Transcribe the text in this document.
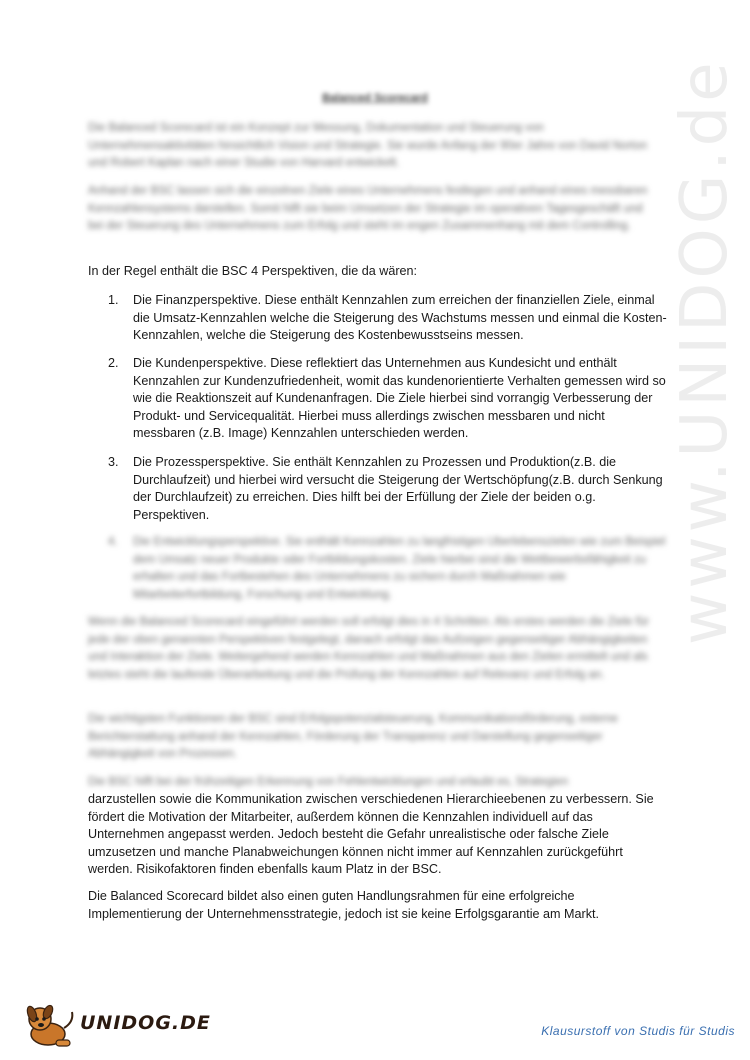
www.UNIDOG.de
Balanced Scorecard

Die Balanced Scorecard ist ein Konzept zur Messung, Dokumentation und Steuerung von Unternehmensaktivitäten hinsichtlich Vision und Strategie. Sie wurde Anfang der 90er Jahre von David Norton und Robert Kaplan nach einer Studie von Harvard entwickelt.

Anhand der BSC lassen sich die einzelnen Ziele eines Unternehmens festlegen und anhand eines messbaren Kennzahlensystems darstellen. Somit hilft sie beim Umsetzen der Strategie im operativen Tagesgeschäft und bei der Steuerung des Unternehmens zum Erfolg und steht im engen Zusammenhang mit dem Controlling.

In der Regel enthält die BSC 4 Perspektiven, die da wären:

1.	Die Finanzperspektive. Diese enthält Kennzahlen zum erreichen der finanziellen Ziele, einmal die Umsatz-Kennzahlen welche die Steigerung des Wachstums messen und einmal die Kosten-Kennzahlen, welche die Steigerung des Kostenbewusstseins messen.
2.	Die Kundenperspektive. Diese reflektiert das Unternehmen aus Kundesicht und enthält Kennzahlen zur Kundenzufriedenheit, womit das kundenorientierte Verhalten gemessen wird so wie die Reaktionszeit auf Kundenanfragen. Die Ziele hierbei sind vorrangig Verbesserung der Produkt- und Servicequalität. Hierbei muss allerdings zwischen messbaren und nicht messbaren (z.B. Image) Kennzahlen unterschieden werden.
3.	Die Prozessperspektive. Sie enthält Kennzahlen zu Prozessen und Produktion(z.B. die Durchlaufzeit) und hierbei wird versucht die Steigerung der Wertschöpfung(z.B. durch Senkung der Durchlaufzeit) zu erreichen. Dies hilft bei der Erfüllung der Ziele der beiden o.g. Perspektiven.
4.	Die Entwicklungsperspektive. Sie enthält Kennzahlen zu langfristigen Überlebenszielen wie zum Beispiel dem Umsatz neuer Produkte oder Fortbildungskosten. Ziele hierbei sind die Wettbewerbsfähigkeit zu erhalten und das Fortbestehen des Unternehmens zu sichern durch Maßnahmen wie Mitarbeiterfortbildung, Forschung und Entwicklung.

Wenn die Balanced Scorecard eingeführt werden soll erfolgt dies in 4 Schritten. Als erstes werden die Ziele für jede der oben genannten Perspektiven festgelegt, danach erfolgt das Aufzeigen gegenseitiger Abhängigkeiten und Interaktion der Ziele. Weitergehend werden Kennzahlen und Maßnahmen aus den Zielen ermittelt und als letztes steht die laufende Überarbeitung und die Prüfung der Kennzahlen auf Relevanz und Erfolg an.

Die wichtigsten Funktionen der BSC sind Erfolgspotenzialsteuerung, Kommunikationsförderung, externe Berichterstattung anhand der Kennzahlen, Förderung der Transparenz und Darstellung gegenseitiger Abhängigkeit von Prozessen.

Die BSC hilft bei der frühzeitigen Erkennung von Fehlentwicklungen und erlaubt es, Strategien

darzustellen sowie die Kommunikation zwischen verschiedenen Hierarchieebenen zu verbessern. Sie fördert die Motivation der Mitarbeiter, außerdem können die Kennzahlen individuell auf das Unternehmen angepasst werden. Jedoch besteht die Gefahr unrealistische oder falsche Ziele umzusetzen und manche Planabweichungen können nicht immer auf Kennzahlen zurückgeführt werden. Risikofaktoren finden ebenfalls kaum Platz in der BSC.

Die Balanced Scorecard bildet also einen guten Handlungsrahmen für eine erfolgreiche Implementierung der Unternehmensstrategie, jedoch ist sie keine Erfolgsgarantie am Markt.

UNIDOG.DE	Klausurstoff von Studis für Studis
